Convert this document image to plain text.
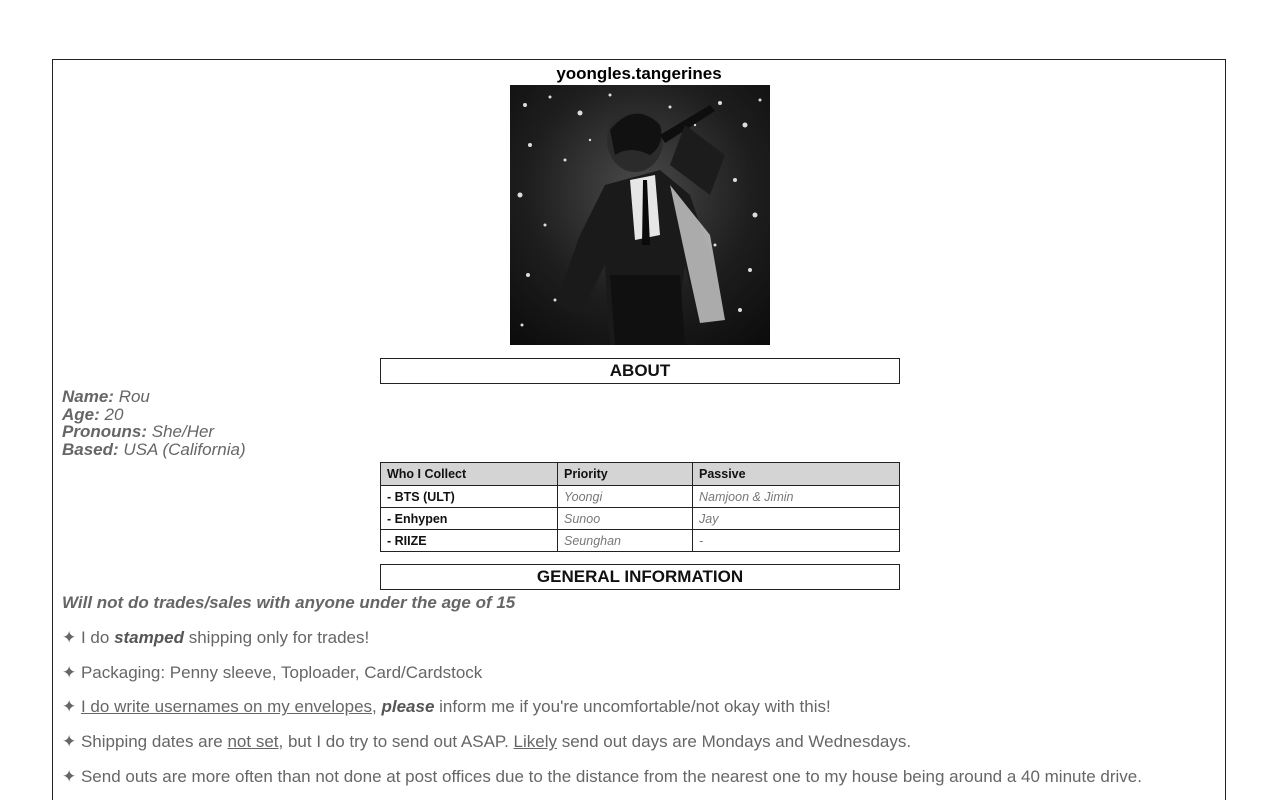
yoongles.tangerines
ABOUT
Name: Rou
Age: 20
Pronouns: She/Her
Based: USA (California)
Who I Collect	Priority	Passive
- BTS (ULT)	Yoongi	Namjoon & Jimin
- Enhypen	Sunoo	Jay
- RIIZE	Seunghan	-
GENERAL INFORMATION

Will not do trades/sales with anyone under the age of 15

✦ I do stamped shipping only for trades!

✦ Packaging: Penny sleeve, Toploader, Card/Cardstock

✦ I do write usernames on my envelopes, please inform me if you're uncomfortable/not okay with this!

✦ Shipping dates are not set, but I do try to send out ASAP. Likely send out days are Mondays and Wednesdays.

✦ Send outs are more often than not done at post offices due to the distance from the nearest one to my house being around a 40 minute drive.
